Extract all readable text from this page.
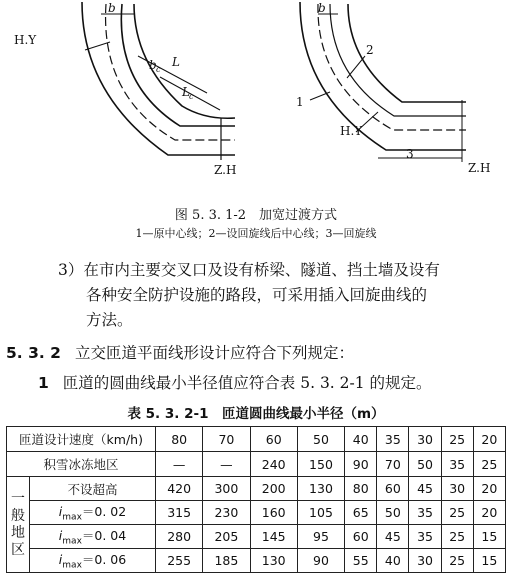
H.Y
b
b c
L
L c
Z.H
b
1
2
H.Y
3
Z.H
图 5. 3. 1-2　加宽过渡方式
1—原中心线；2—设回旋线后中心线；3—回旋线
3）在市内主要交叉口及设有桥梁、隧道、挡土墙及设有
各种安全防护设施的路段，可采用插入回旋曲线的
方法。
5. 3. 2 立交匝道平面线形设计应符合下列规定：
1 匝道的圆曲线最小半径值应符合表 5. 3. 2-1 的规定。
表 5. 3. 2-1　匝道圆曲线最小半径（m）
匝道设计速度（km/h)		80	70	60	50	40	35	30	25	20
积雪冰冻地区		—	—	240	150	90	70	50	35	25
一般地区	不设超高	420	300	200	130	80	60	45	30	20
	$i_{max}=0$. 02	315	230	160	105	65	50	35	25	20
	$i_{max}=0$. 04	280	205	145	95	60	45	35	25	15
	$i_{max}=0$. 06	255	185	130	90	55	40	30	25	15
